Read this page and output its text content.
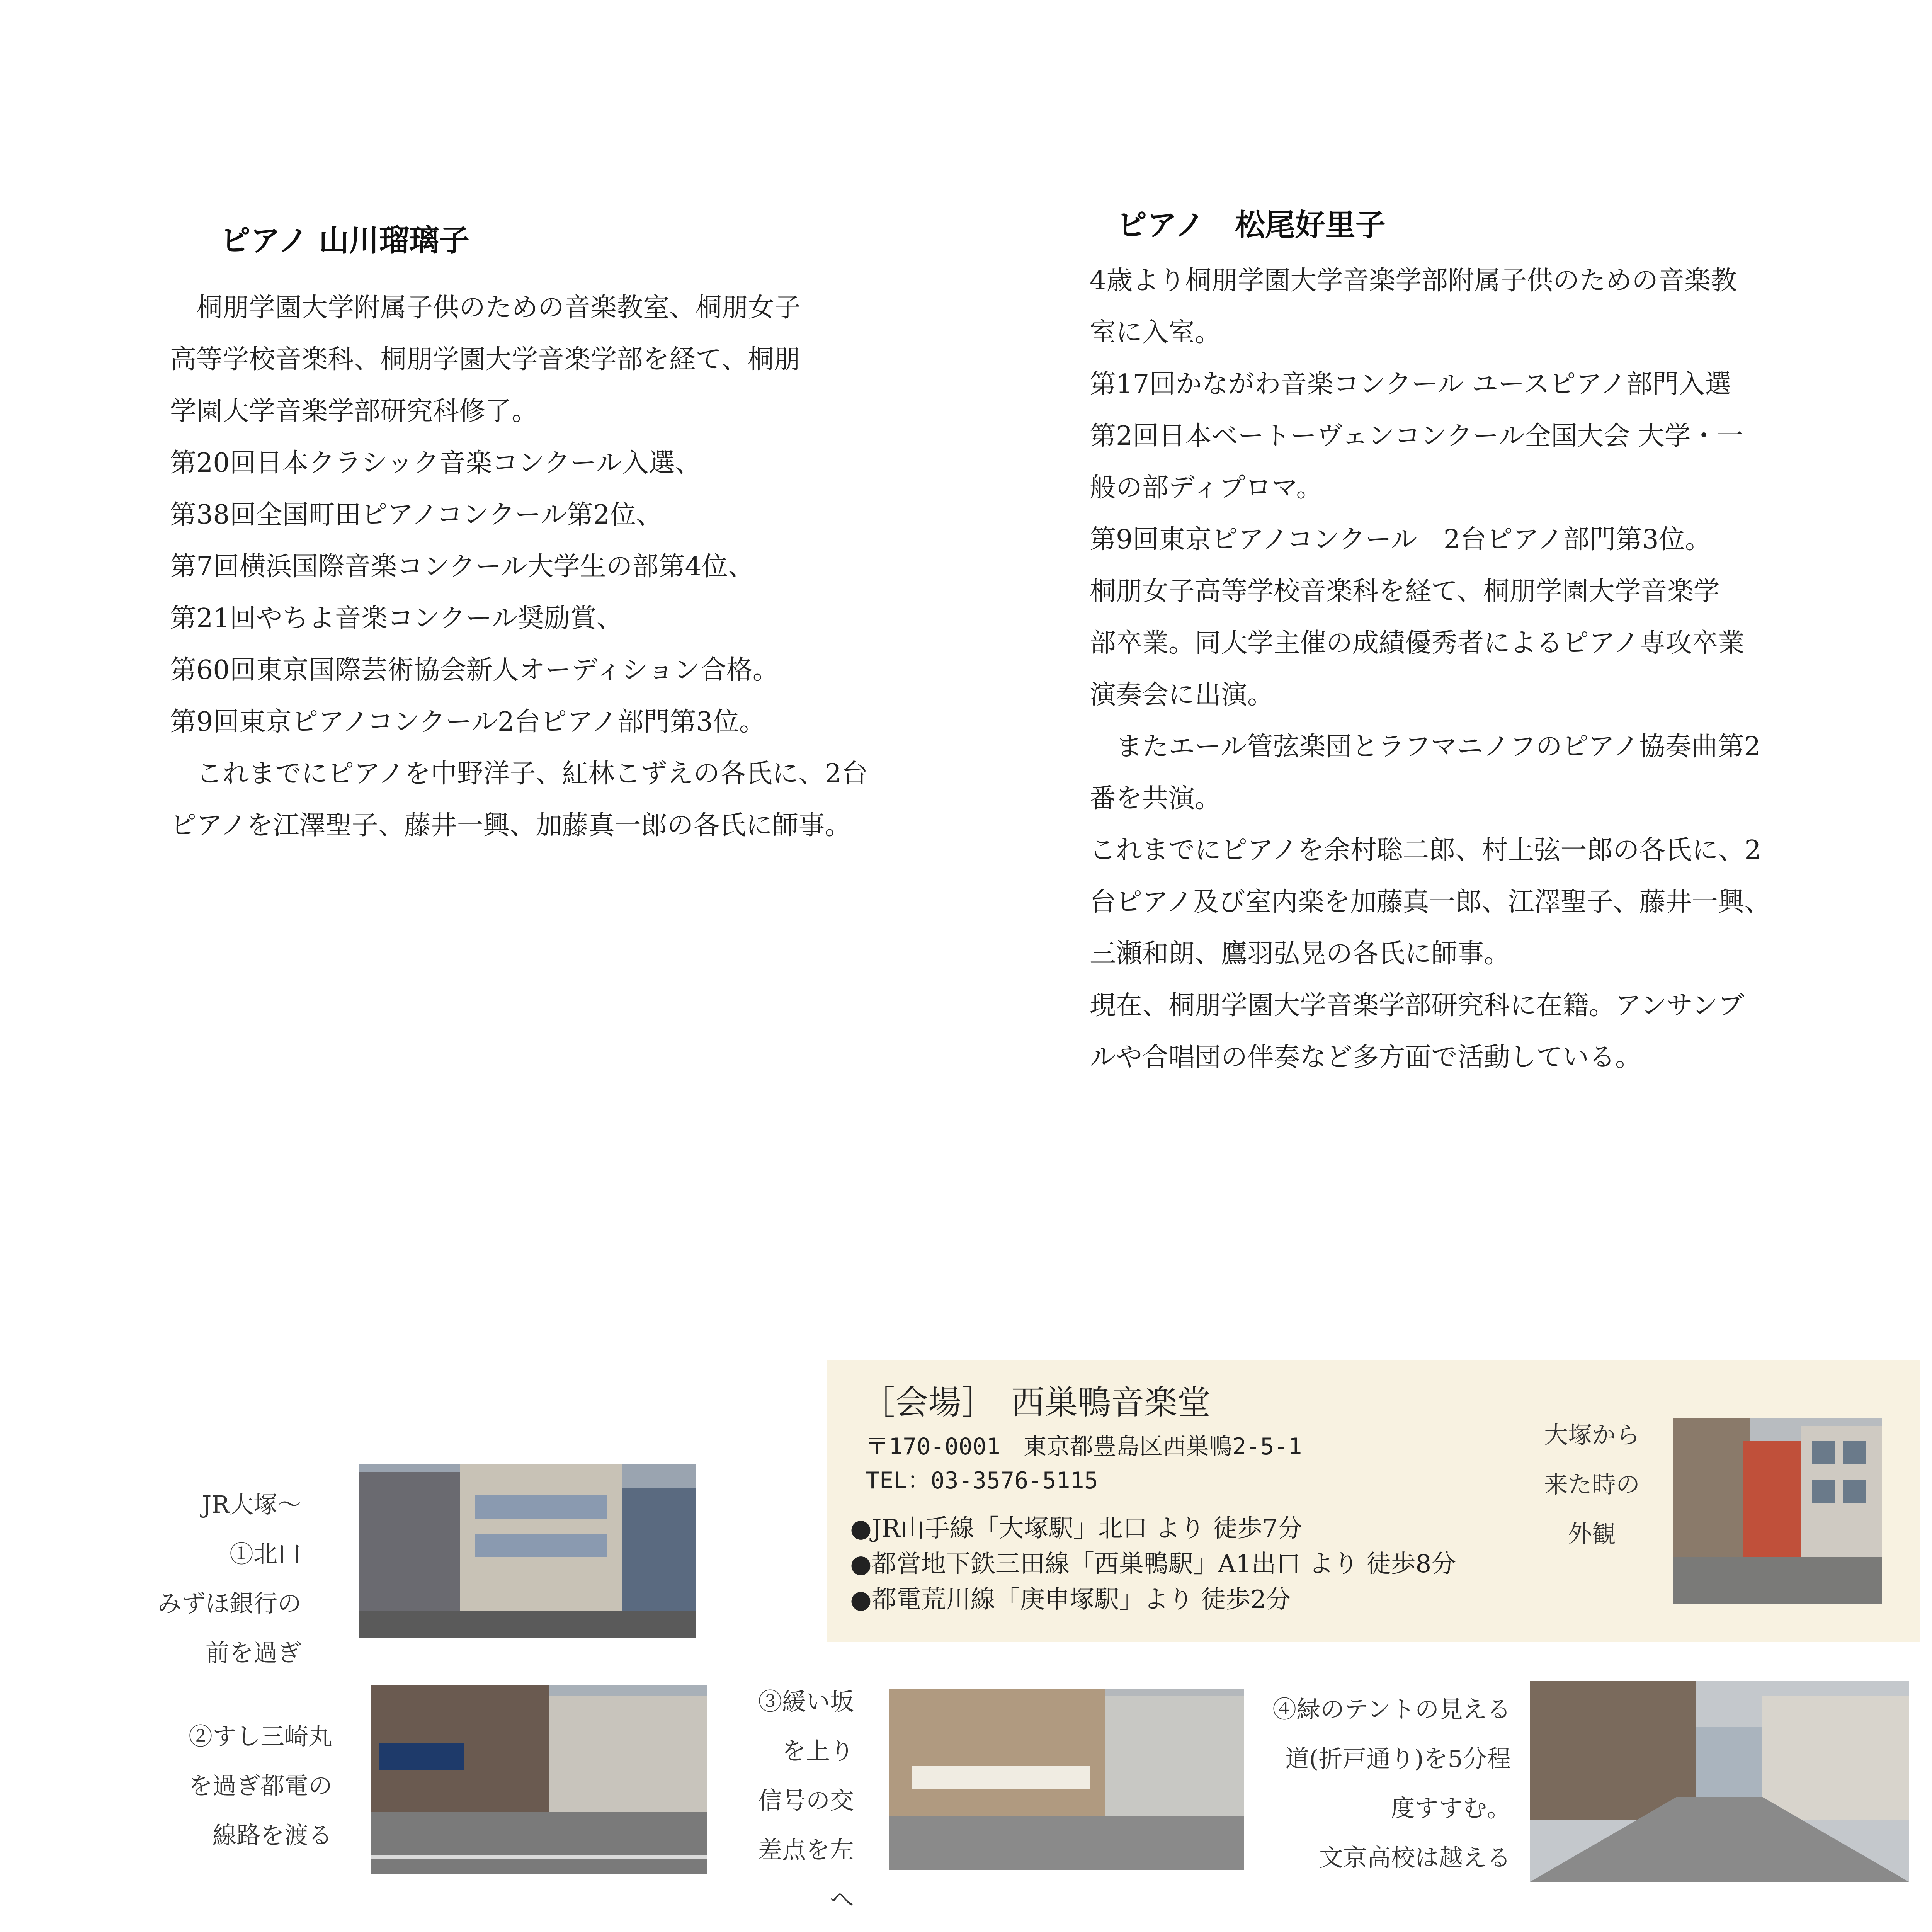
ピアノ 山川瑠璃子
　桐朋学園大学附属子供のための音楽教室、桐朋女子
高等学校音楽科、桐朋学園大学音楽学部を経て、桐朋
学園大学音楽学部研究科修了。
第20回日本クラシック音楽コンクール入選、
第38回全国町田ピアノコンクール第2位、
第7回横浜国際音楽コンクール大学生の部第4位、
第21回やちよ音楽コンクール奨励賞、
第60回東京国際芸術協会新人オーディション合格。
第9回東京ピアノコンクール2台ピアノ部門第3位。
　これまでにピアノを中野洋子、紅林こずえの各氏に、2台
ピアノを江澤聖子、藤井一興、加藤真一郎の各氏に師事。
ピアノ　松尾好里子
4歳より桐朋学園大学音楽学部附属子供のための音楽教
室に入室。
第17回かながわ音楽コンクール ユースピアノ部門入選
第2回日本ベートーヴェンコンクール全国大会 大学・一
般の部ディプロマ。
第9回東京ピアノコンクール　2台ピアノ部門第3位。
桐朋女子高等学校音楽科を経て、桐朋学園大学音楽学
部卒業。同大学主催の成績優秀者によるピアノ専攻卒業
演奏会に出演。
　またエール管弦楽団とラフマニノフのピアノ協奏曲第2
番を共演。
これまでにピアノを余村聡二郎、村上弦一郎の各氏に、2
台ピアノ及び室内楽を加藤真一郎、江澤聖子、藤井一興、
三瀬和朗、鷹羽弘晃の各氏に師事。
現在、桐朋学園大学音楽学部研究科に在籍。アンサンブ
ルや合唱団の伴奏など多方面で活動している。
［会場］　西巣鴨音楽堂
〒170-0001　東京都豊島区西巣鴨2-5-1
TEL：03-3576-5115
●JR山手線「大塚駅」北口 より 徒歩7分
●都営地下鉄三田線「西巣鴨駅」A1出口 より 徒歩8分
●都電荒川線「庚申塚駅」より 徒歩2分
大塚から
来た時の
外観
JR大塚～
①北口
みずほ銀行の
前を過ぎ
②すし三崎丸
を過ぎ都電の
線路を渡る
③緩い坂
を上り
信号の交
差点を左
へ
④緑のテントの見える
道(折戸通り)を5分程
度すすむ。
文京高校は越える
